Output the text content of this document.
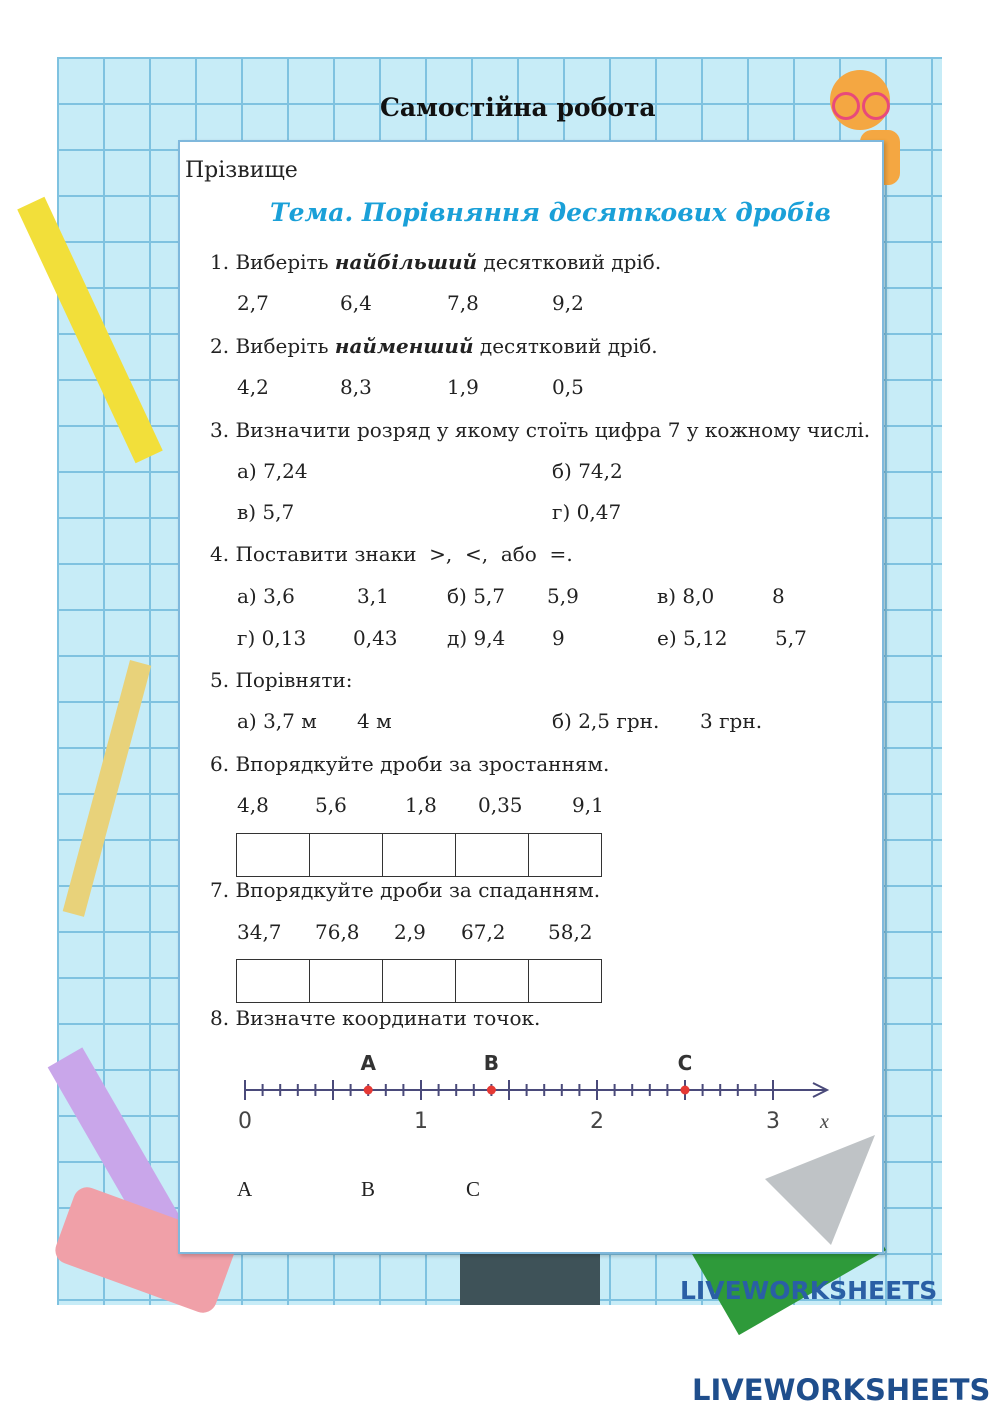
Самостійна робота
Прізвище
Тема. Порівняння десяткових дробів
1. Виберіть найбільший десятковий дріб.
2,7	6,4	7,8	9,2
2. Виберіть найменший десятковий дріб.
4,2	8,3	1,9	0,5
3. Визначити розряд у якому стоїть цифра 7 у кожному числі.
а) 7,24	б) 74,2
в) 5,7	г) 0,47
4. Поставити знаки  >,  <,  або  =.
а) 3,6	3,1	б) 5,7 5,9	в) 8,0	8
г) 0,13 0,43 д) 9,4 9	е) 5,12 5,7
5. Порівняти:
а) 3,7 м 4 м	б) 2,5 грн. 3 грн.
6. Впорядкуйте дроби за зростанням.
4,8 5,6	1,8 0,35 9,1
7. Впорядкуйте дроби за спаданням.
34,7 76,8 2,9 67,2 58,2
8. Визначте координати точок.
0	1	2	3 x
A	B	C
A	B	C
LIVEWORKSHEETS
LIVEWORKSHEETS
